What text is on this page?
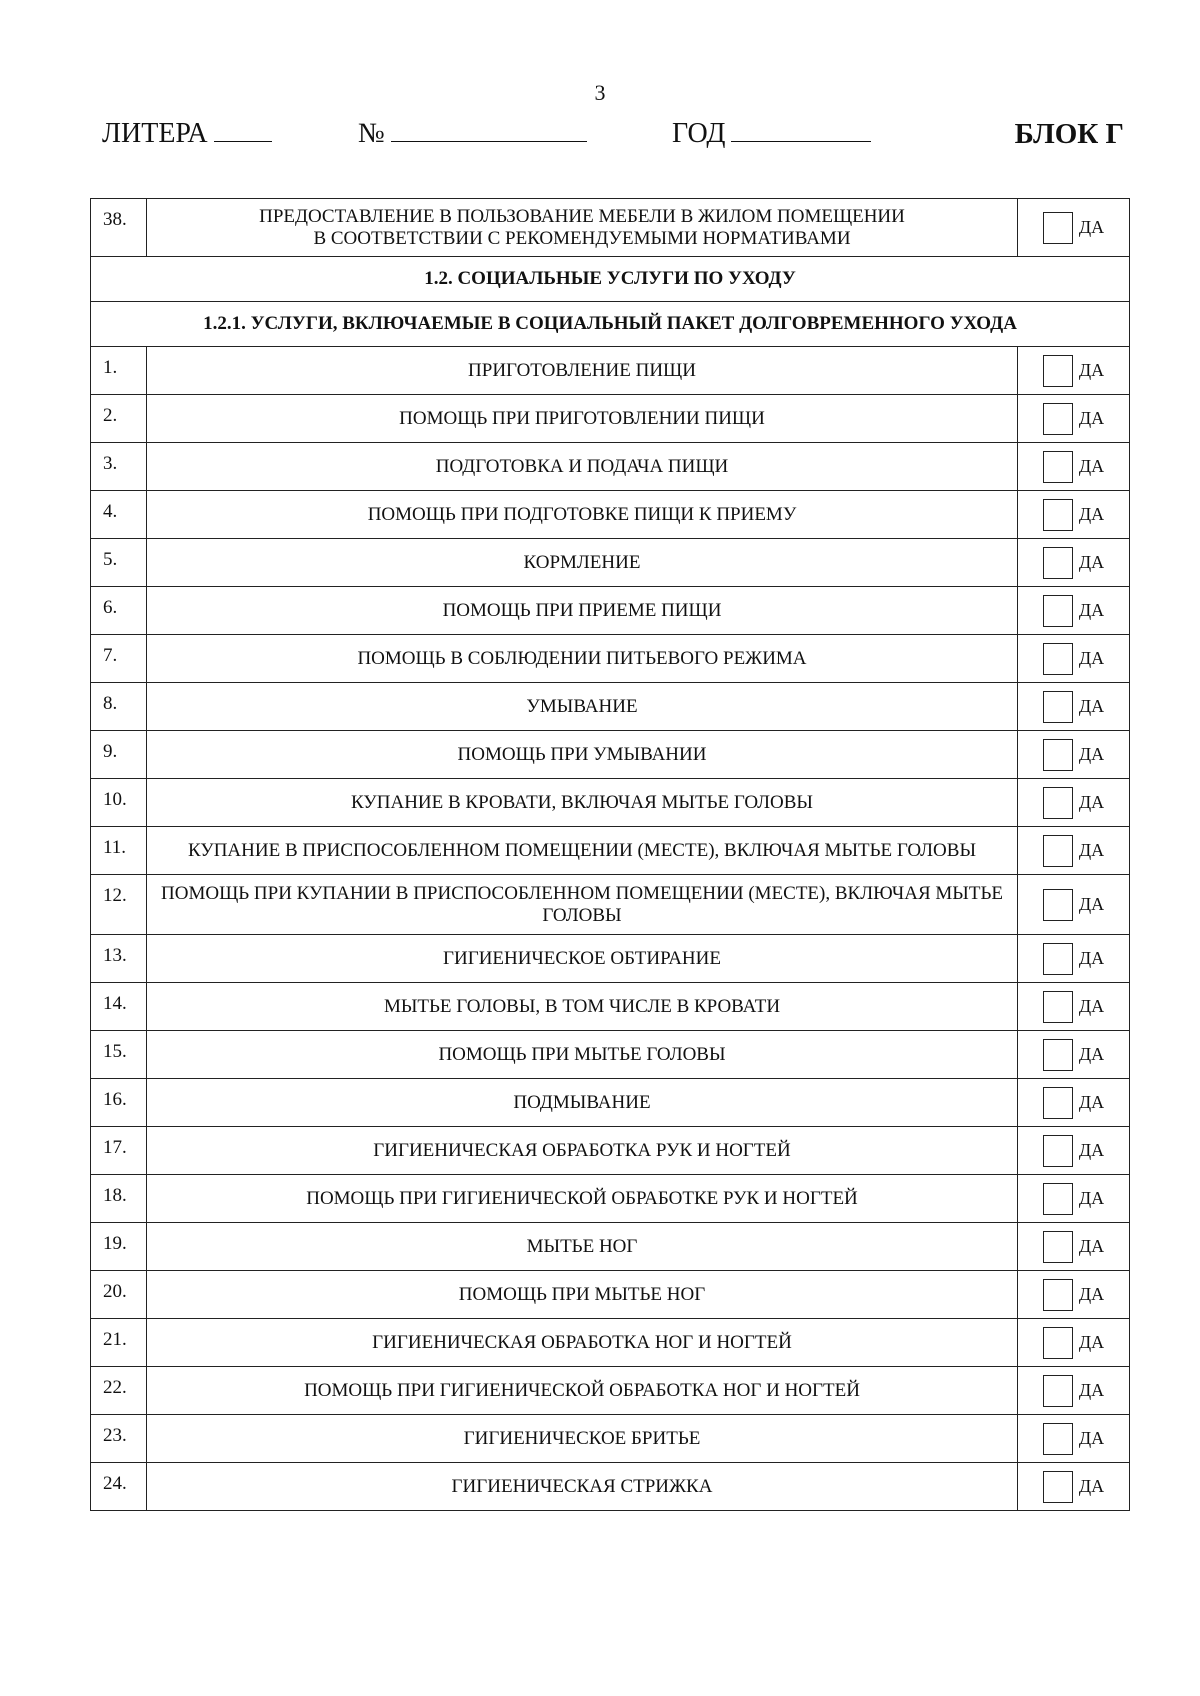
3
ЛИТЕРА	№	ГОД	БЛОК Г
38.	ПРЕДОСТАВЛЕНИЕ В ПОЛЬЗОВАНИЕ МЕБЕЛИ В ЖИЛОМ ПОМЕЩЕНИИ
В СООТВЕТСТВИИ С РЕКОМЕНДУЕМЫМИ НОРМАТИВАМИ	ДА

1.2. СОЦИАЛЬНЫЕ УСЛУГИ ПО УХОДУ		
1.2.1. УСЛУГИ, ВКЛЮЧАЕМЫЕ В СОЦИАЛЬНЫЙ ПАКЕТ ДОЛГОВРЕМЕННОГО УХОДА		
1.	ПРИГОТОВЛЕНИЕ ПИЩИ	ДА

2.	ПОМОЩЬ ПРИ ПРИГОТОВЛЕНИИ ПИЩИ	ДА

3.	ПОДГОТОВКА И ПОДАЧА ПИЩИ	ДА

4.	ПОМОЩЬ ПРИ ПОДГОТОВКЕ ПИЩИ К ПРИЕМУ	ДА

5.	КОРМЛЕНИЕ	ДА

6.	ПОМОЩЬ ПРИ ПРИЕМЕ ПИЩИ	ДА

7.	ПОМОЩЬ В СОБЛЮДЕНИИ ПИТЬЕВОГО РЕЖИМА	ДА

8.	УМЫВАНИЕ	ДА

9.	ПОМОЩЬ ПРИ УМЫВАНИИ	ДА

10.	КУПАНИЕ В КРОВАТИ, ВКЛЮЧАЯ МЫТЬЕ ГОЛОВЫ	ДА

11.	КУПАНИЕ В ПРИСПОСОБЛЕННОМ ПОМЕЩЕНИИ (МЕСТЕ), ВКЛЮЧАЯ МЫТЬЕ ГОЛОВЫ	ДА

12.	ПОМОЩЬ ПРИ КУПАНИИ В ПРИСПОСОБЛЕННОМ ПОМЕЩЕНИИ (МЕСТЕ), ВКЛЮЧАЯ МЫТЬЕ ГОЛОВЫ	ДА

13.	ГИГИЕНИЧЕСКОЕ ОБТИРАНИЕ	ДА

14.	МЫТЬЕ ГОЛОВЫ, В ТОМ ЧИСЛЕ В КРОВАТИ	ДА

15.	ПОМОЩЬ ПРИ МЫТЬЕ ГОЛОВЫ	ДА

16.	ПОДМЫВАНИЕ	ДА

17.	ГИГИЕНИЧЕСКАЯ ОБРАБОТКА РУК И НОГТЕЙ	ДА

18.	ПОМОЩЬ ПРИ ГИГИЕНИЧЕСКОЙ ОБРАБОТКЕ РУК И НОГТЕЙ	ДА

19.	МЫТЬЕ НОГ	ДА

20.	ПОМОЩЬ ПРИ МЫТЬЕ НОГ	ДА

21.	ГИГИЕНИЧЕСКАЯ ОБРАБОТКА НОГ И НОГТЕЙ	ДА

22.	ПОМОЩЬ ПРИ ГИГИЕНИЧЕСКОЙ ОБРАБОТКА НОГ И НОГТЕЙ	ДА

23.	ГИГИЕНИЧЕСКОЕ БРИТЬЕ	ДА

24.	ГИГИЕНИЧЕСКАЯ СТРИЖКА	ДА
